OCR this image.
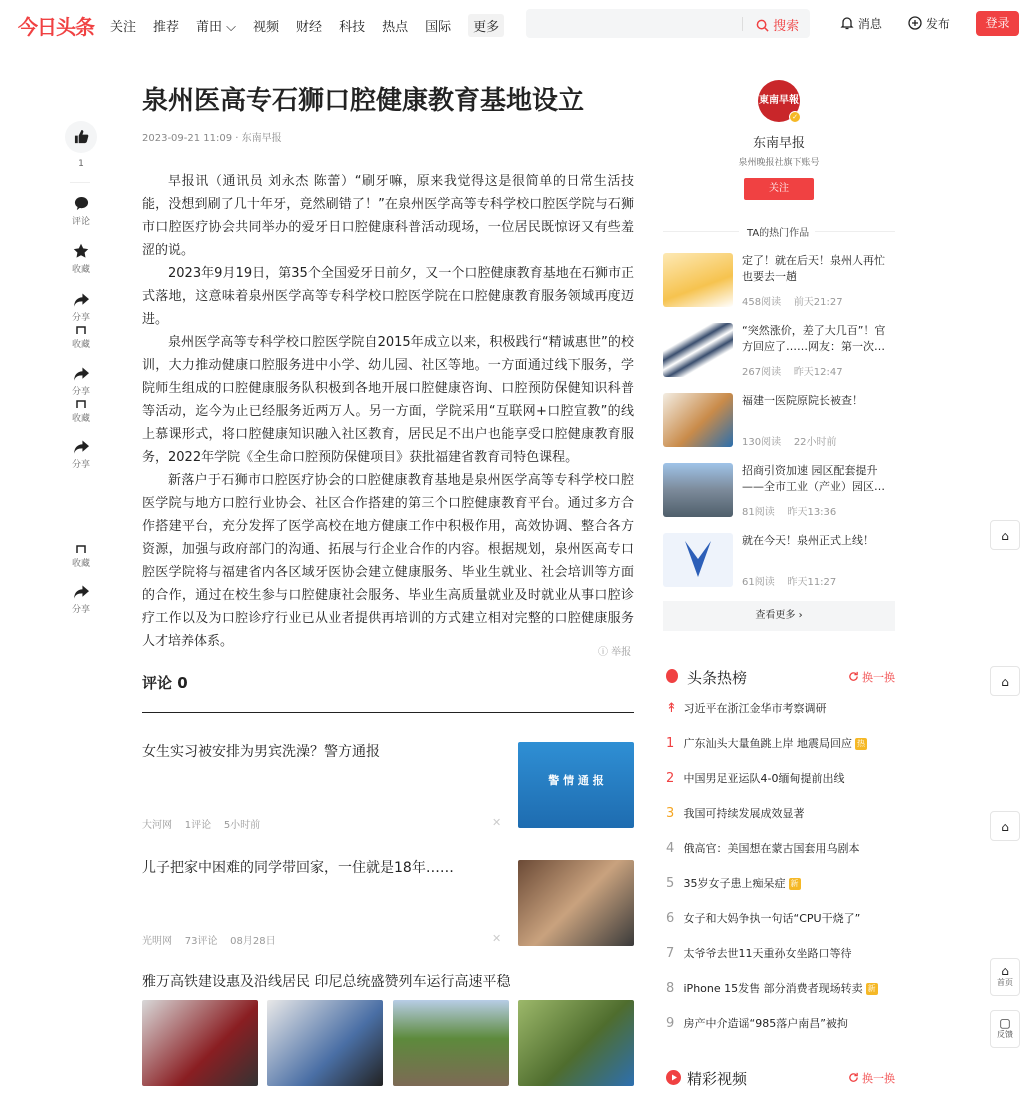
今日头条 关注 推荐 莆田 ⌵ 视频 财经 科技 热点 国际	更多	搜索	消息	发布	登录
1
评论
收藏
分享
收藏
分享
收藏
分享
收藏
分享
泉州医高专石狮口腔健康教育基地设立
2023-09-21 11:09 · 东南早报

早报讯（通讯员 刘永杰 陈蕾）“刷牙嘛，原来我觉得这是很简单的日常生活技能，没想到刷了几十年牙，竟然刷错了！”在泉州医学高等专科学校口腔医学院与石狮市口腔医疗协会共同举办的爱牙日口腔健康科普活动现场，一位居民既惊讶又有些羞涩的说。

2023年9月19日，第35个全国爱牙日前夕，又一个口腔健康教育基地在石狮市正式落地，这意味着泉州医学高等专科学校口腔医学院在口腔健康教育服务领域再度迈进。

泉州医学高等专科学校口腔医学院自2015年成立以来，积极践行“精诚惠世”的校训，大力推动健康口腔服务进中小学、幼儿园、社区等地。一方面通过线下服务，学院师生组成的口腔健康服务队积极到各地开展口腔健康咨询、口腔预防保健知识科普等活动，迄今为止已经服务近两万人。另一方面，学院采用“互联网+口腔宣教”的线上慕课形式，将口腔健康知识融入社区教育，居民足不出户也能享受口腔健康教育服务，2022年学院《全生命口腔预防保健项目》获批福建省教育司特色课程。

新落户于石狮市口腔医疗协会的口腔健康教育基地是泉州医学高等专科学校口腔医学院与地方口腔行业协会、社区合作搭建的第三个口腔健康教育平台。通过多方合作搭建平台，充分发挥了医学高校在地方健康工作中积极作用，高效协调、整合各方资源，加强与政府部门的沟通、拓展与行企业合作的内容。根据规划，泉州医高专口腔医学院将与福建省内各区域牙医协会建立健康服务、毕业生就业、社会培训等方面的合作，通过在校生参与口腔健康社会服务、毕业生高质量就业及时就业从事口腔诊疗工作以及为口腔诊疗行业已从业者提供再培训的方式建立相对完整的口腔健康服务人才培养体系。

ⓘ 举报
评论 0
女生实习被安排为男宾洗澡？警方通报
大河网 1评论 5小时前	✕
警 情 通 报
儿子把家中困难的同学带回家，一住就是18年……
光明网 73评论 08月28日	✕
雅万高铁建设惠及沿线居民 印尼总统盛赞列车运行高速平稳
東南早報
✓
东南早报
泉州晚报社旗下账号
关注
TA的热门作品
定了！就在后天！泉州人再忙也要去一趟
458阅读 前天21:27
“突然涨价，差了大几百”！官方回应了……网友：第一次…
267阅读 昨天12:47
福建一医院原院长被查！
130阅读 22小时前
招商引资加速 园区配套提升——全市工业（产业）园区…
81阅读 昨天13:36
就在今天！泉州正式上线！
61阅读 昨天11:27
查看更多 ›
头条热榜	换一换
↟ 习近平在浙江金华市考察调研
1 广东汕头大量鱼跳上岸 地震局回应 热
2 中国男足亚运队4-0缅甸提前出线
3 我国可持续发展成效显著
4 俄高官：美国想在蒙古国套用乌剧本
5 35岁女子患上痴呆症 新
6 女子和大妈争执一句话“CPU干烧了”
7 太爷爷去世11天重孙女坐路口等待
8 iPhone 15发售 部分消费者现场转卖 新
9 房产中介造谣“985落户南昌”被拘
精彩视频	换一换
⌂
⌂
⌂
⌂
首页
▢
反馈
